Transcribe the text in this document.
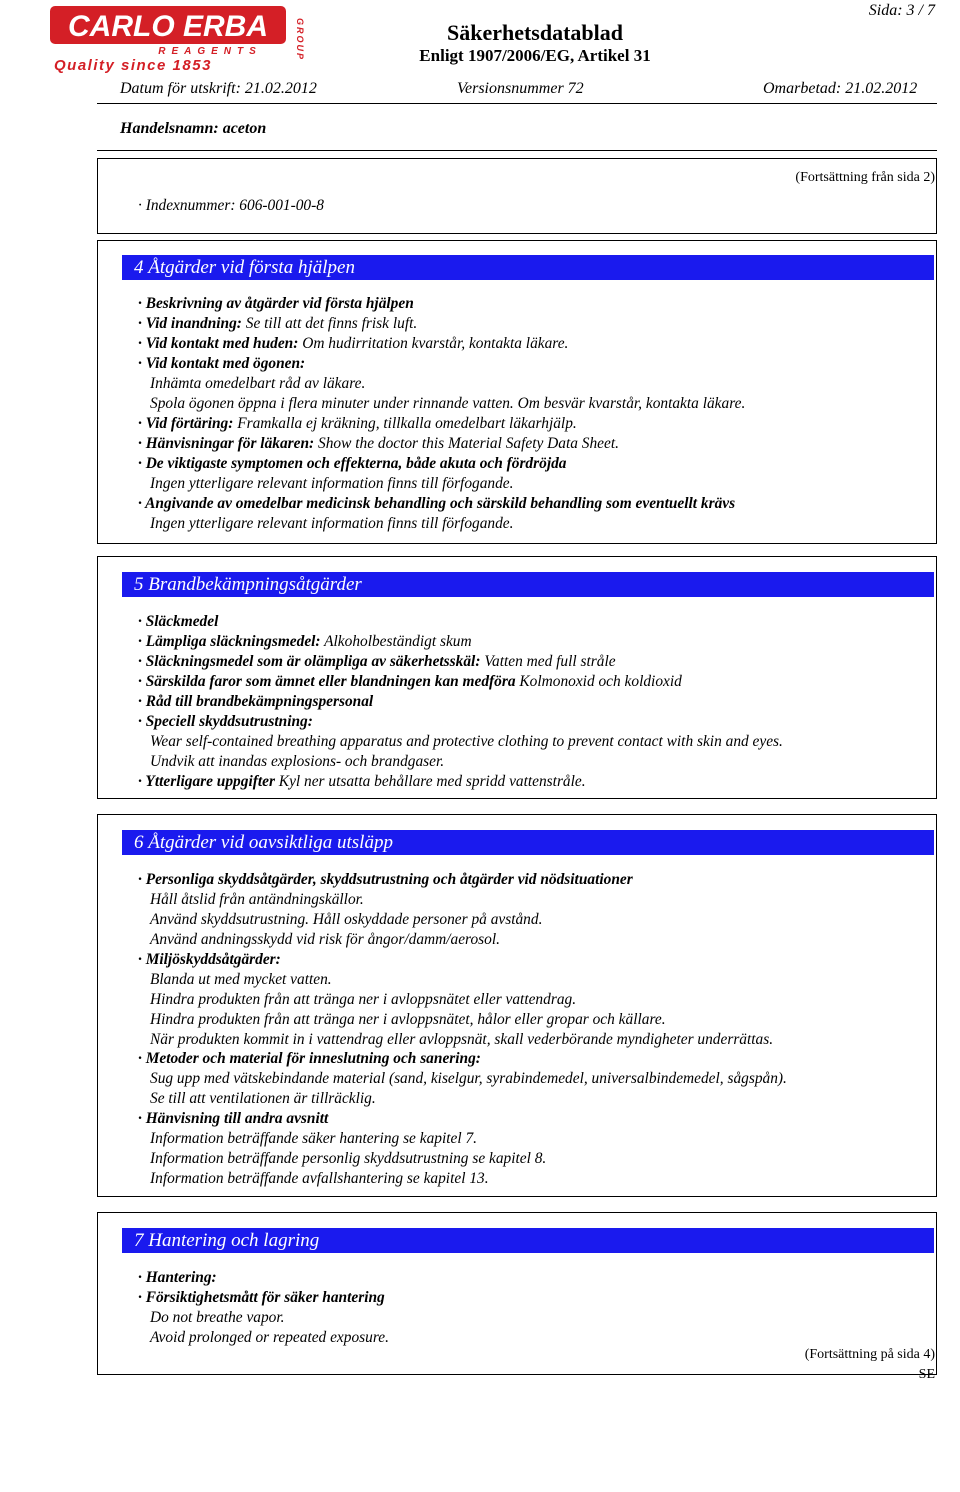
CARLO ERBA
REAGENTS
Quality since 1853
GROUP	Säkerhetsdatablad
Enligt 1907/2006/EG, Artikel 31
Sida: 3 / 7
Datum för utskrift: 21.02.2012	Versionsnummer 72	Omarbetad: 21.02.2012
Handelsnamn: aceton
(Fortsättning från sida 2)
· Indexnummer: 606-001-00-8
4 Åtgärder vid första hjälpen
· Beskrivning av åtgärder vid första hjälpen
· Vid inandning: Se till att det finns frisk luft.
· Vid kontakt med huden: Om hudirritation kvarstår, kontakta läkare.
· Vid kontakt med ögonen:
Inhämta omedelbart råd av läkare.
Spola ögonen öppna i flera minuter under rinnande vatten. Om besvär kvarstår, kontakta läkare.
· Vid förtäring: Framkalla ej kräkning, tillkalla omedelbart läkarhjälp.
· Hänvisningar för läkaren: Show the doctor this Material Safety Data Sheet.
· De viktigaste symptomen och effekterna, både akuta och fördröjda
Ingen ytterligare relevant information finns till förfogande.
· Angivande av omedelbar medicinsk behandling och särskild behandling som eventuellt krävs
Ingen ytterligare relevant information finns till förfogande.
5 Brandbekämpningsåtgärder
· Släckmedel
· Lämpliga släckningsmedel: Alkoholbeständigt skum
· Släckningsmedel som är olämpliga av säkerhetsskäl: Vatten med full stråle
· Särskilda faror som ämnet eller blandningen kan medföra Kolmonoxid och koldioxid
· Råd till brandbekämpningspersonal
· Speciell skyddsutrustning:
Wear self-contained breathing apparatus and protective clothing to prevent contact with skin and eyes.
Undvik att inandas explosions- och brandgaser.
· Ytterligare uppgifter Kyl ner utsatta behållare med spridd vattenstråle.
6 Åtgärder vid oavsiktliga utsläpp
· Personliga skyddsåtgärder, skyddsutrustning och åtgärder vid nödsituationer
Håll åtslid från antändningskällor.
Använd skyddsutrustning. Håll oskyddade personer på avstånd.
Använd andningsskydd vid risk för ångor/damm/aerosol.
· Miljöskyddsåtgärder:
Blanda ut med mycket vatten.
Hindra produkten från att tränga ner i avloppsnätet eller vattendrag.
Hindra produkten från att tränga ner i avloppsnätet, hålor eller gropar och källare.
När produkten kommit in i vattendrag eller avloppsnät, skall vederbörande myndigheter underrättas.
· Metoder och material för inneslutning och sanering:
Sug upp med vätskebindande material (sand, kiselgur, syrabindemedel, universalbindemedel, sågspån).
Se till att ventilationen är tillräcklig.
· Hänvisning till andra avsnitt
Information beträffande säker hantering se kapitel 7.
Information beträffande personlig skyddsutrustning se kapitel 8.
Information beträffande avfallshantering se kapitel 13.
7 Hantering och lagring
· Hantering:
· Försiktighetsmått för säker hantering
Do not breathe vapor.
Avoid prolonged or repeated exposure.
(Fortsättning på sida 4)
SE
